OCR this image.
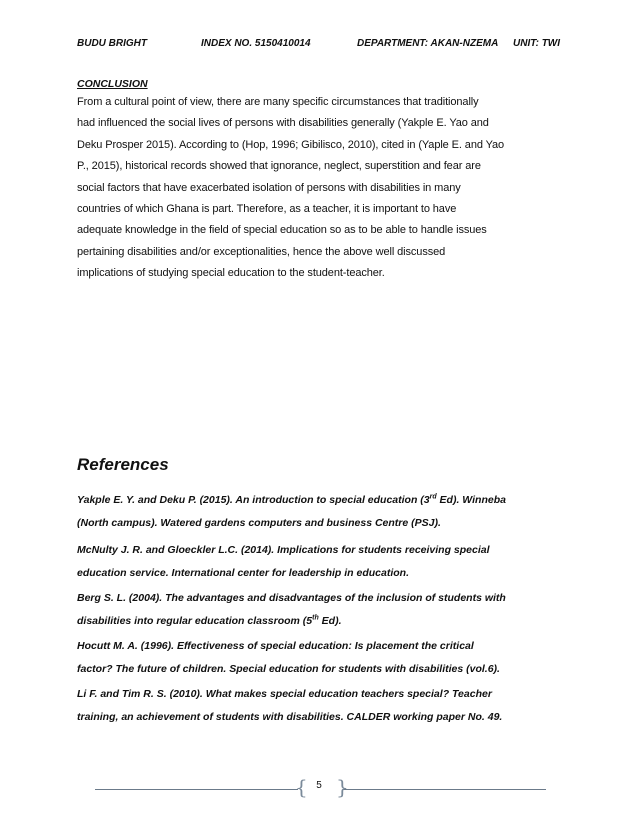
BUDU BRIGHT	INDEX NO. 5150410014	DEPARTMENT: AKAN-NZEMA UNIT: TWI

CONCLUSION

From a cultural point of view, there are many specific circumstances that traditionally

had influenced the social lives of persons with disabilities generally (Yakple E. Yao and

Deku Prosper 2015). According to (Hop, 1996; Gibilisco, 2010), cited in (Yaple E. and Yao

P., 2015), historical records showed that ignorance, neglect, superstition and fear are

social factors that have exacerbated isolation of persons with disabilities in many

countries of which Ghana is part. Therefore, as a teacher, it is important to have

adequate knowledge in the field of special education so as to be able to handle issues

pertaining disabilities and/or exceptionalities, hence the above well discussed

implications of studying special education to the student-teacher.

References

Yakple E. Y. and Deku P. (2015). An introduction to special education (3rd Ed). Winneba
(North campus). Watered gardens computers and business Centre (PSJ).

McNulty J. R. and Gloeckler L.C. (2014). Implications for students receiving special
education service. International center for leadership in education.

Berg S. L. (2004). The advantages and disadvantages of the inclusion of students with
disabilities into regular education classroom (5th Ed).

Hocutt M. A. (1996). Effectiveness of special education: Is placement the critical
factor? The future of children. Special education for students with disabilities (vol.6).

Li F. and Tim R. S. (2010). What makes special education teachers special? Teacher
training, an achievement of students with disabilities. CALDER working paper No. 49.

{ }
5
